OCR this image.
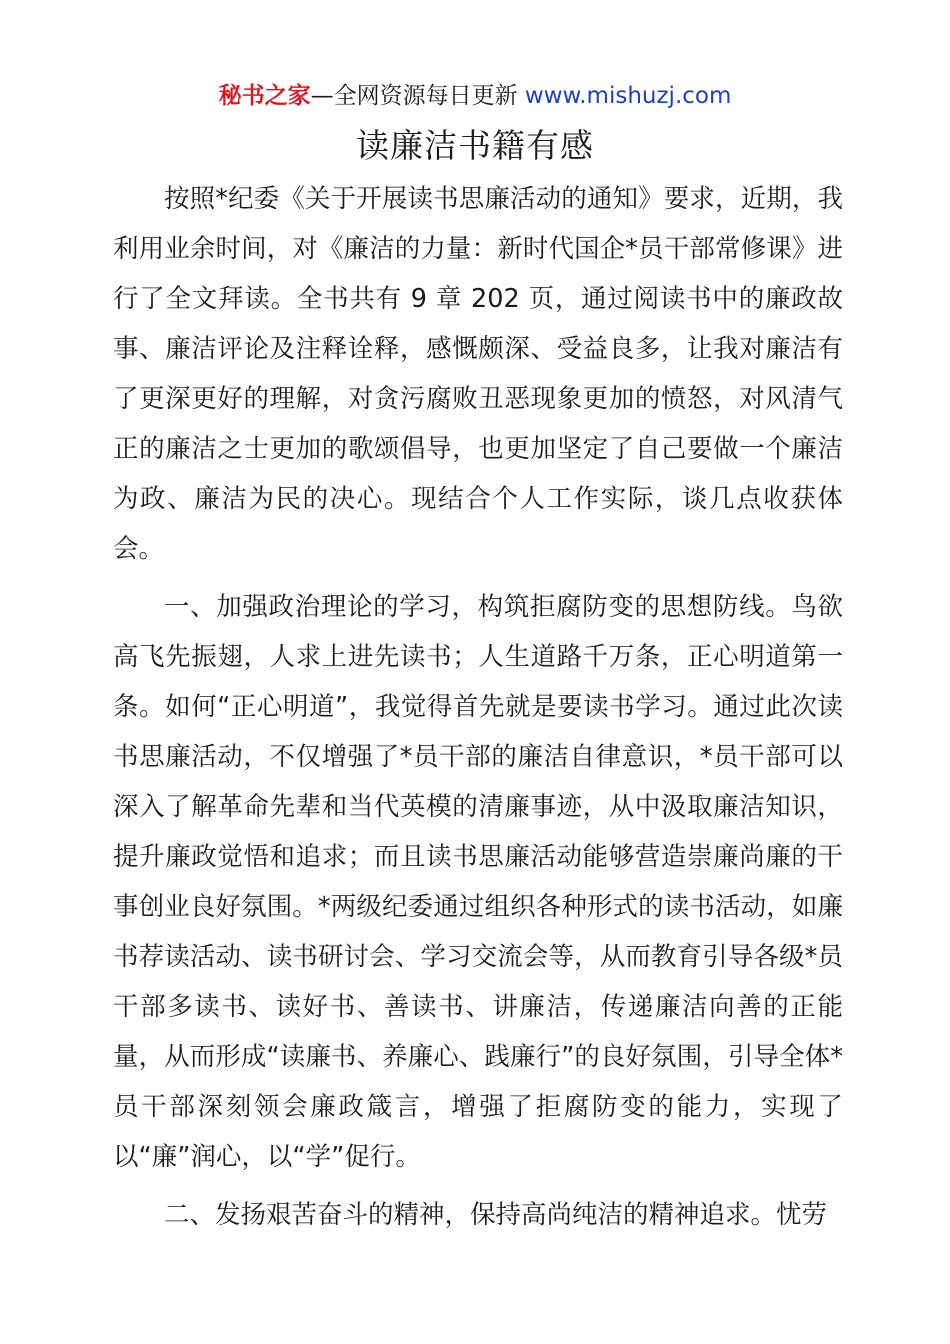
秘书之家—全网资源每日更新 www.mishuzj.com
读廉洁书籍有感

按照*纪委《关于开展读书思廉活动的通知》要求，近期，我利用业余时间，对《廉洁的力量：新时代国企*员干部常修课》进行了全文拜读。全书共有 9 章 202 页，通过阅读书中的廉政故事、廉洁评论及注释诠释，感慨颇深、受益良多，让我对廉洁有了更深更好的理解，对贪污腐败丑恶现象更加的愤怒，对风清气正的廉洁之士更加的歌颂倡导，也更加坚定了自己要做一个廉洁为政、廉洁为民的决心。现结合个人工作实际，谈几点收获体会。

一、加强政治理论的学习，构筑拒腐防变的思想防线。鸟欲高飞先振翅，人求上进先读书；人生道路千万条，正心明道第一条。如何“正心明道”，我觉得首先就是要读书学习。通过此次读书思廉活动，不仅增强了*员干部的廉洁自律意识，*员干部可以深入了解革命先辈和当代英模的清廉事迹，从中汲取廉洁知识，提升廉政觉悟和追求；而且读书思廉活动能够营造崇廉尚廉的干事创业良好氛围。*两级纪委通过组织各种形式的读书活动，如廉书荐读活动、读书研讨会、学习交流会等，从而教育引导各级*员干部多读书、读好书、善读书、讲廉洁，传递廉洁向善的正能量，从而形成“读廉书、养廉心、践廉行”的良好氛围，引导全体*员干部深刻领会廉政箴言，增强了拒腐防变的能力，实现了以“廉”润心，以“学”促行。

二、发扬艰苦奋斗的精神，保持高尚纯洁的精神追求。忧劳
